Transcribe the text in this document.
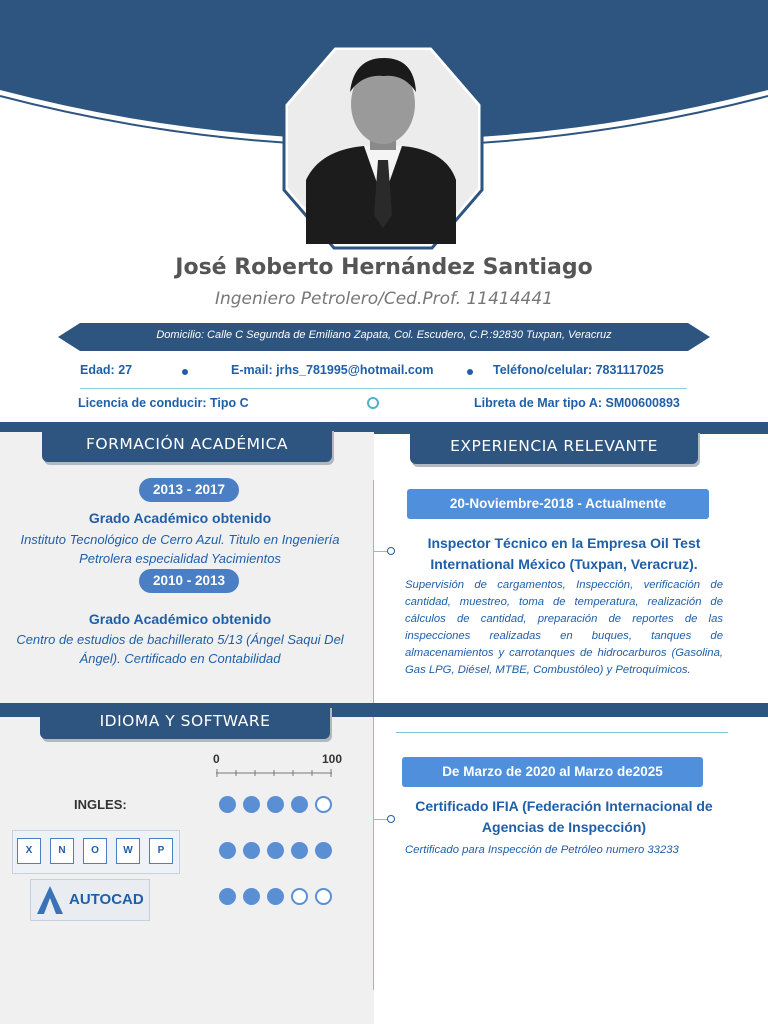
José Roberto Hernández Santiago
Ingeniero Petrolero/Ced.Prof. 11414441
Domicilio: Calle C Segunda de Emiliano Zapata, Col. Escudero, C.P.:92830 Tuxpan, Veracruz
Edad: 27	E-mail: jrhs_781995@hotmail.com	Teléfono/celular: 7831117025
Licencia de conducir: Tipo C	Libreta de Mar tipo A: SM00600893
FORMACIÓN ACADÉMICA	EXPERIENCIA RELEVANTE
2013 - 2017
Grado Académico obtenido
Instituto Tecnológico de Cerro Azul. Titulo en Ingeniería Petrolera especialidad Yacimientos
2010 - 2013
Grado Académico obtenido
Centro de estudios de bachillerato 5/13 (Ángel Saqui Del Ángel). Certificado en Contabilidad
IDIOMA Y SOFTWARE
0	100
INGLES:
X	N	O	W	P
AUTOCAD
20-Noviembre-2018 - Actualmente
Inspector Técnico en la Empresa Oil Test International México (Tuxpan, Veracruz).
Supervisión de cargamentos, Inspección, verificación de cantidad, muestreo, toma de temperatura, realización de cálculos de cantidad, preparación de reportes de las inspecciones realizadas en buques, tanques de almacenamientos y carrotanques de hidrocarburos (Gasolina, Gas LPG, Diésel, MTBE, Combustóleo) y Petroquímicos.
De Marzo de 2020 al Marzo de2025
Certificado IFIA (Federación Internacional de Agencias de Inspección)
Certificado para Inspección de Petróleo numero 33233
